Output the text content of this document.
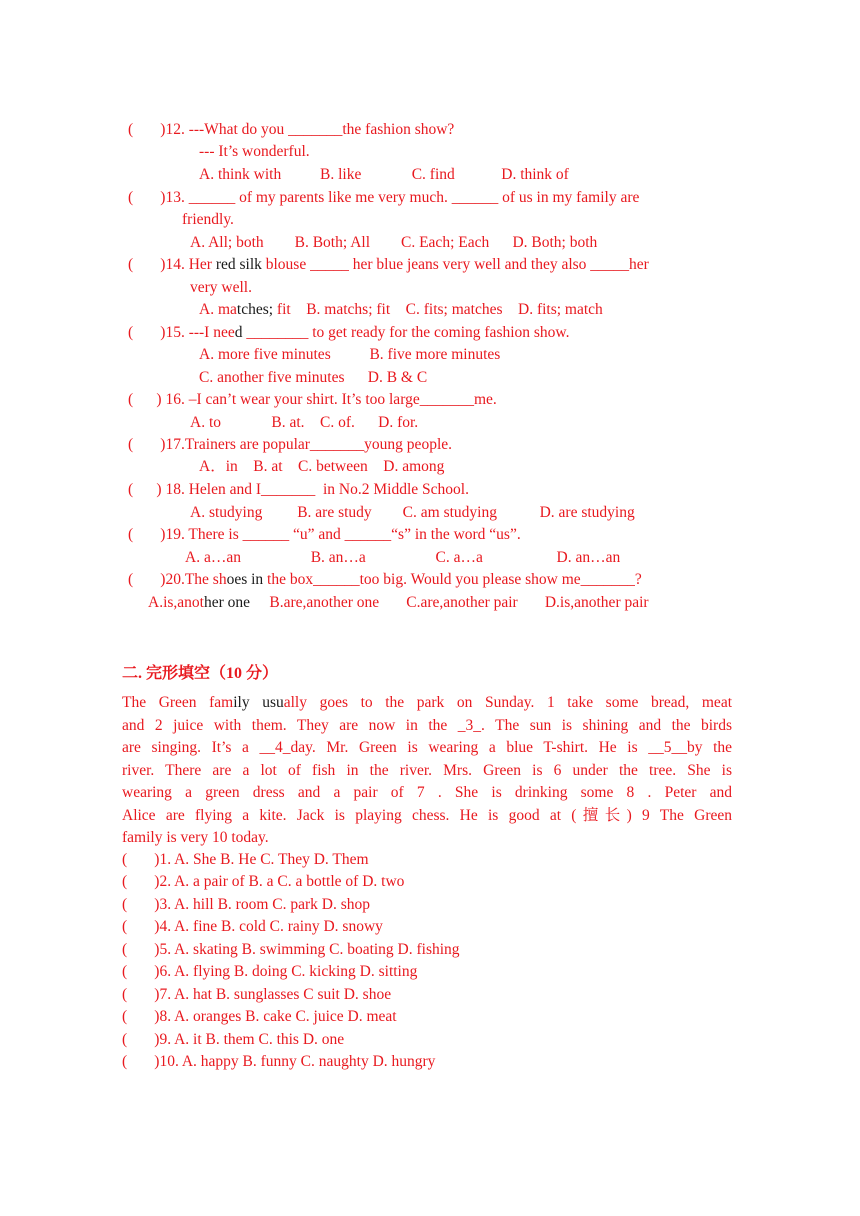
(       )12. ---What do you _______the fashion show?
--- It’s wonderful.
A. think with          B. like             C. find            D. think of
(       )13. ______ of my parents like me very much. ______ of us in my family are
friendly.
A. All; both        B. Both; All        C. Each; Each      D. Both; both
(       )14. Her red silk blouse _____ her blue jeans very well and they also _____her
very well.
A. matches; fit    B. matchs; fit    C. fits; matches    D. fits; match
(       )15. ---I need ________ to get ready for the coming fashion show.
A. more five minutes          B. five more minutes
C. another five minutes      D. B & C
(      ) 16. –I can’t wear your shirt. It’s too large_______me.
A. to             B. at.    C. of.      D. for.
(       )17.Trainers are popular_______young people.
A．in    B. at    C. between    D. among
(      ) 18. Helen and I_______  in No.2 Middle School.
A. studying         B. are study        C. am studying           D. are studying
(       )19. There is ______ “u” and ______“s” in the word “us”.
A. a…an                  B. an…a                  C. a…a                   D. an…an
(       )20.The shoes in the box______too big. Would you please show me_______?
A.is,another one     B.are,another one       C.are,another pair       D.is,another pair
二. 完形填空（10 分）
The Green family usually goes to the park on Sunday. 1 take some bread, meat
and 2 juice with them. They are now in the _3_. The sun is shining and the birds
are singing. It’s a __4_day. Mr. Green is wearing a blue T-shirt. He is __5__by the
river. There are a lot of fish in the river. Mrs. Green is 6 under the tree. She is
wearing a green dress and a pair of 7 . She is drinking some 8 . Peter and
Alice are flying a kite. Jack is playing chess. He is good at (擅长) 9 The Green
family is very 10 today.
(       )1. A. She B. He C. They D. Them
(       )2. A. a pair of B. a C. a bottle of D. two
(       )3. A. hill B. room C. park D. shop
(       )4. A. fine B. cold C. rainy D. snowy
(       )5. A. skating B. swimming C. boating D. fishing
(       )6. A. flying B. doing C. kicking D. sitting
(       )7. A. hat B. sunglasses C suit D. shoe
(       )8. A. oranges B. cake C. juice D. meat
(       )9. A. it B. them C. this D. one
(       )10. A. happy B. funny C. naughty D. hungry
